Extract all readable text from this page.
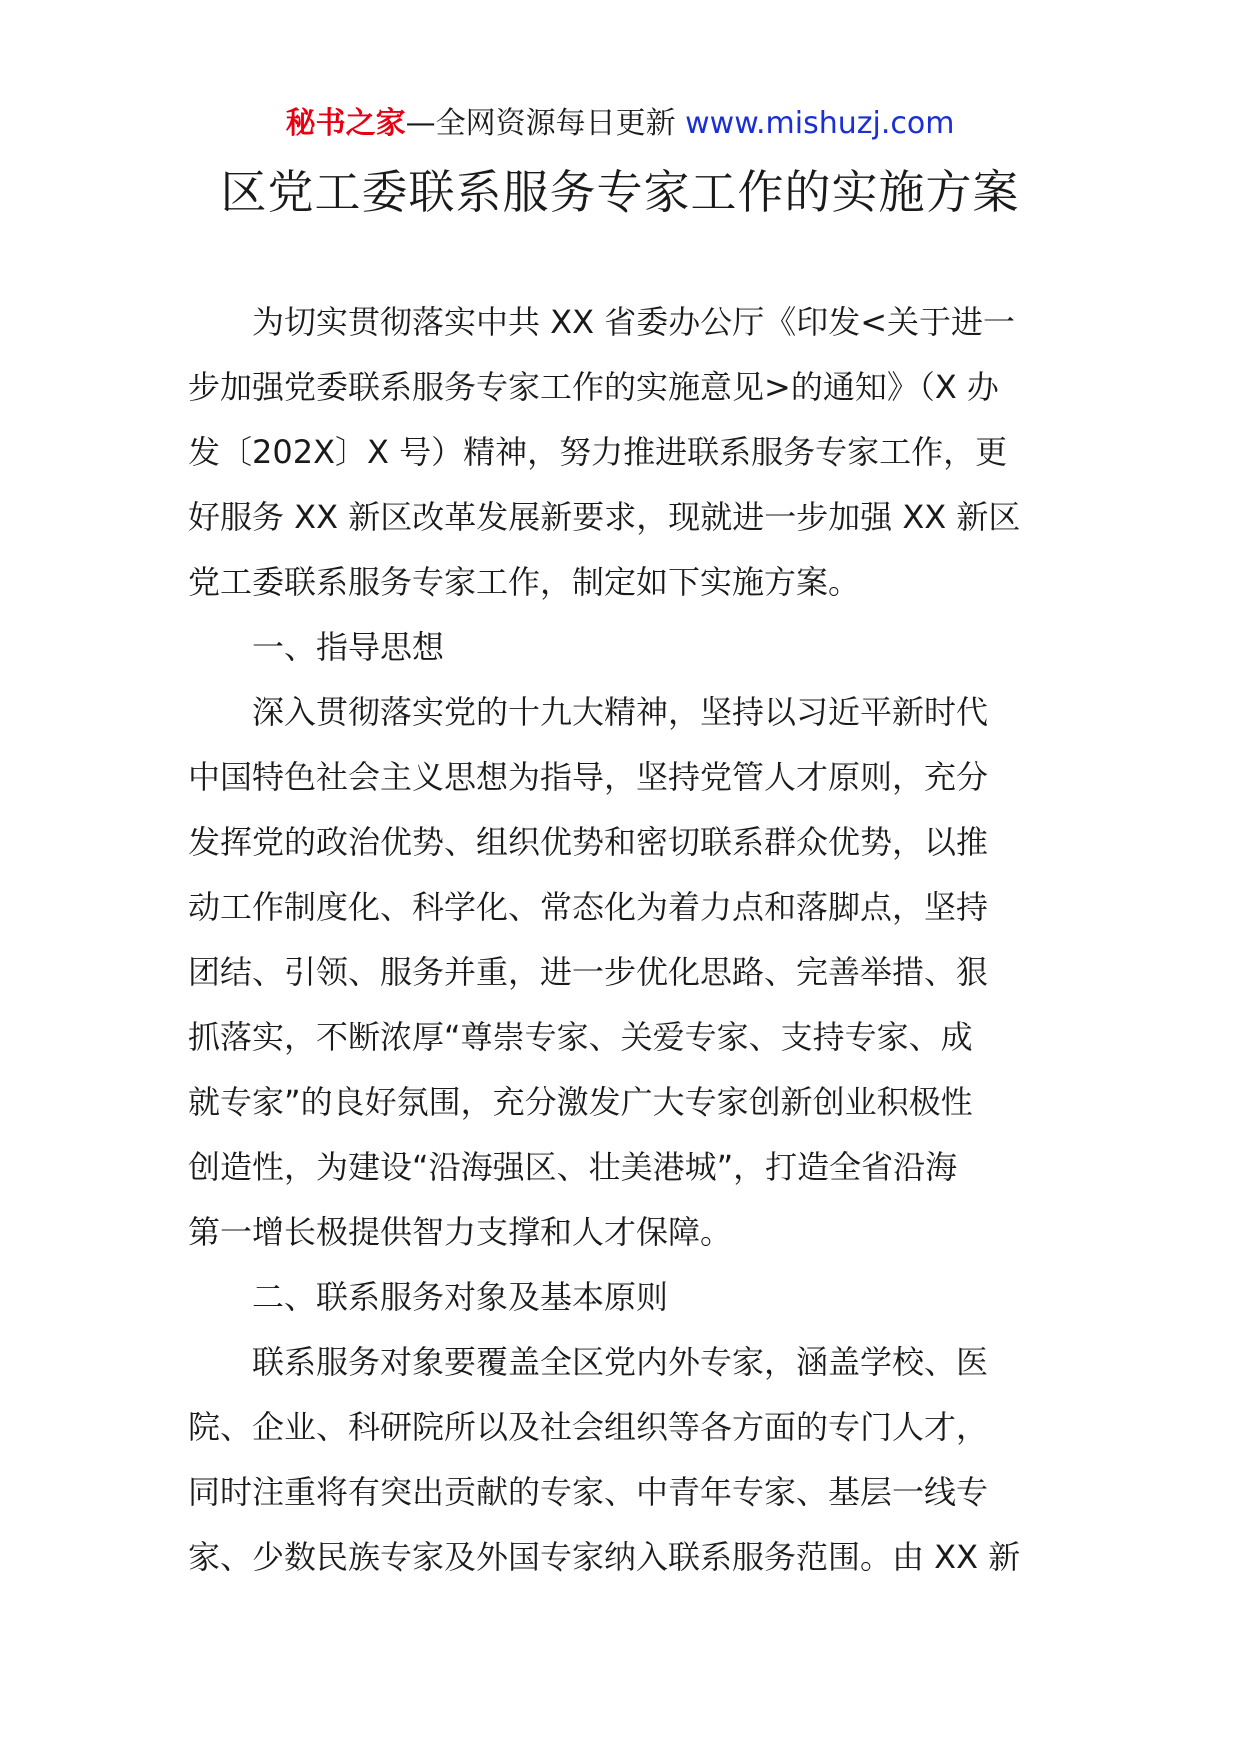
秘书之家—全网资源每日更新 www.mishuzj.com
区党工委联系服务专家工作的实施方案
为切实贯彻落实中共 XX 省委办公厅《印发<关于进一
步加强党委联系服务专家工作的实施意见>的通知》（X 办
发〔202X〕X 号）精神，努力推进联系服务专家工作，更
好服务 XX 新区改革发展新要求，现就进一步加强 XX 新区
党工委联系服务专家工作，制定如下实施方案。
一、指导思想
深入贯彻落实党的十九大精神，坚持以习近平新时代
中国特色社会主义思想为指导，坚持党管人才原则，充分
发挥党的政治优势、组织优势和密切联系群众优势，以推
动工作制度化、科学化、常态化为着力点和落脚点，坚持
团结、引领、服务并重，进一步优化思路、完善举措、狠
抓落实，不断浓厚“尊崇专家、关爱专家、支持专家、成
就专家”的良好氛围，充分激发广大专家创新创业积极性
创造性，为建设“沿海强区、壮美港城”，打造全省沿海
第一增长极提供智力支撑和人才保障。
二、联系服务对象及基本原则
联系服务对象要覆盖全区党内外专家，涵盖学校、医
院、企业、科研院所以及社会组织等各方面的专门人才，
同时注重将有突出贡献的专家、中青年专家、基层一线专
家、少数民族专家及外国专家纳入联系服务范围。由 XX 新
